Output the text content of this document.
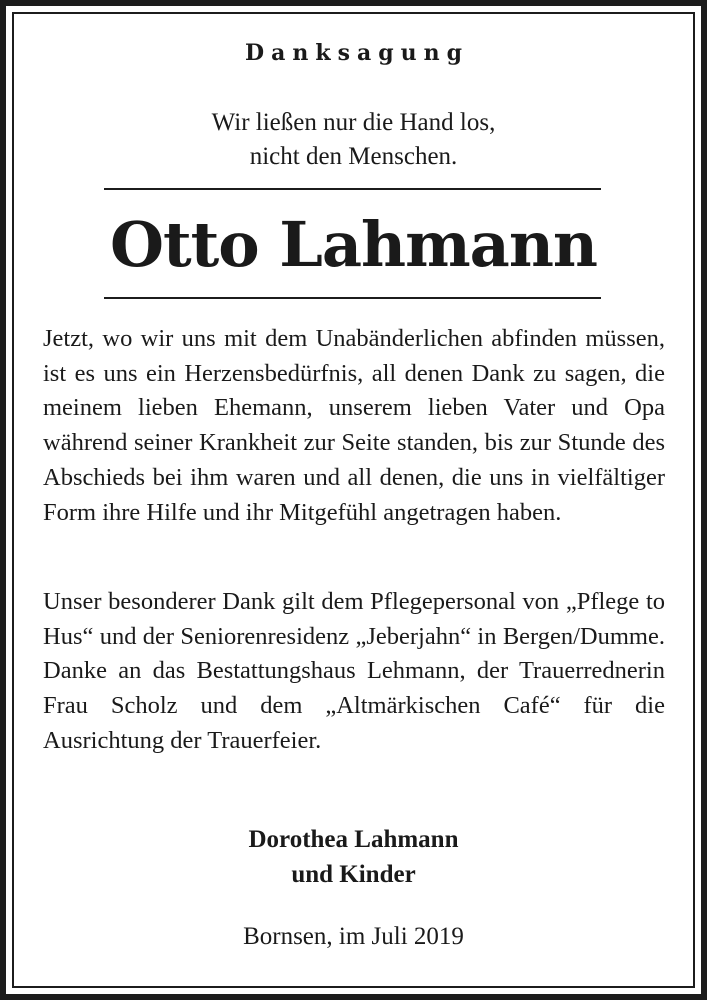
Danksagung
Wir ließen nur die Hand los,
nicht den Menschen.
Otto Lahmann
Jetzt, wo wir uns mit dem Unabänderlichen abfinden müssen, ist es uns ein Herzensbedürfnis, all denen Dank zu sagen, die meinem lieben Ehemann, unserem lieben Vater und Opa während seiner Krankheit zur Seite standen, bis zur Stunde des Abschieds bei ihm waren und all denen, die uns in vielfältiger Form ihre Hilfe und ihr Mitgefühl angetragen haben.
Unser besonderer Dank gilt dem Pflegepersonal von „Pflege to Hus“ und der Seniorenresidenz „Jeberjahn“ in Bergen/Dumme. Danke an das Bestattungshaus Lehmann, der Trauerrednerin Frau Scholz und dem „Altmärkischen Café“ für die Ausrichtung der Trauerfeier.
Dorothea Lahmann
und Kinder
Bornsen, im Juli 2019
